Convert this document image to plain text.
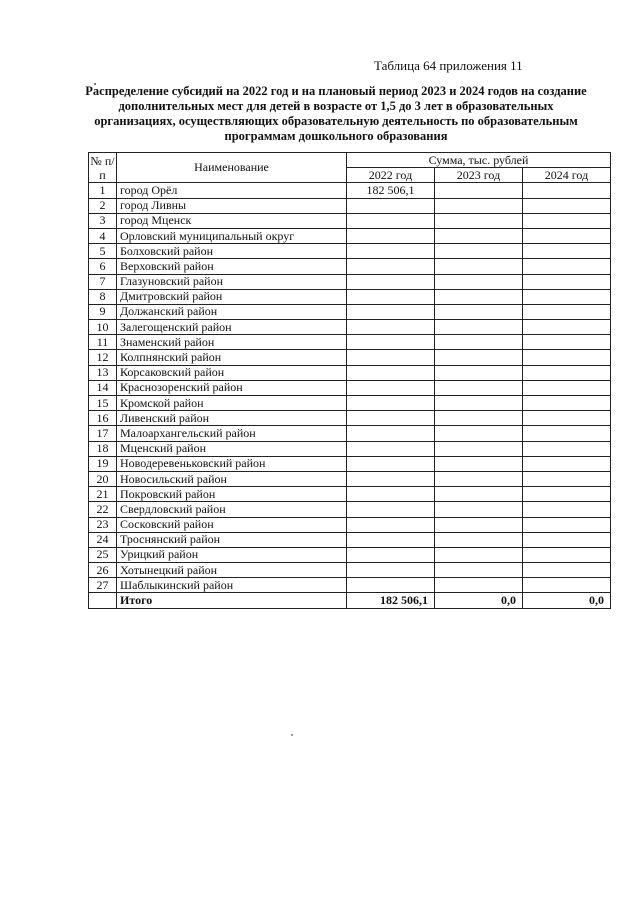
Таблица 64 приложения 11
Распределение субсидий на 2022 год и на плановый период 2023 и 2024 годов на создание дополнительных мест для детей в возрасте от 1,5 до 3 лет в образовательных организациях, осуществляющих образовательную деятельность по образовательным программам дошкольного образования
№ п/п	Наименование	Сумма, тыс. рублей		
		2022 год	2023 год	2024 год
1	город Орёл	182 506,1		
2	город Ливны			
3	город Мценск			
4	Орловский муниципальный округ			
5	Болховский район			
6	Верховский район			
7	Глазуновский район			
8	Дмитровский район			
9	Должанский район			
10	Залегощенский район			
11	Знаменский район			
12	Колпнянский район			
13	Корсаковский район			
14	Краснозоренский район			
15	Кромской район			
16	Ливенский район			
17	Малоархангельский район			
18	Мценский район			
19	Новодеревеньковский район			
20	Новосильский район			
21	Покровский район			
22	Свердловский район			
23	Сосковский район			
24	Троснянский район			
25	Урицкий район			
26	Хотынецкий район			
27	Шаблыкинский район			
	Итого	182 506,1	0,0	0,0
